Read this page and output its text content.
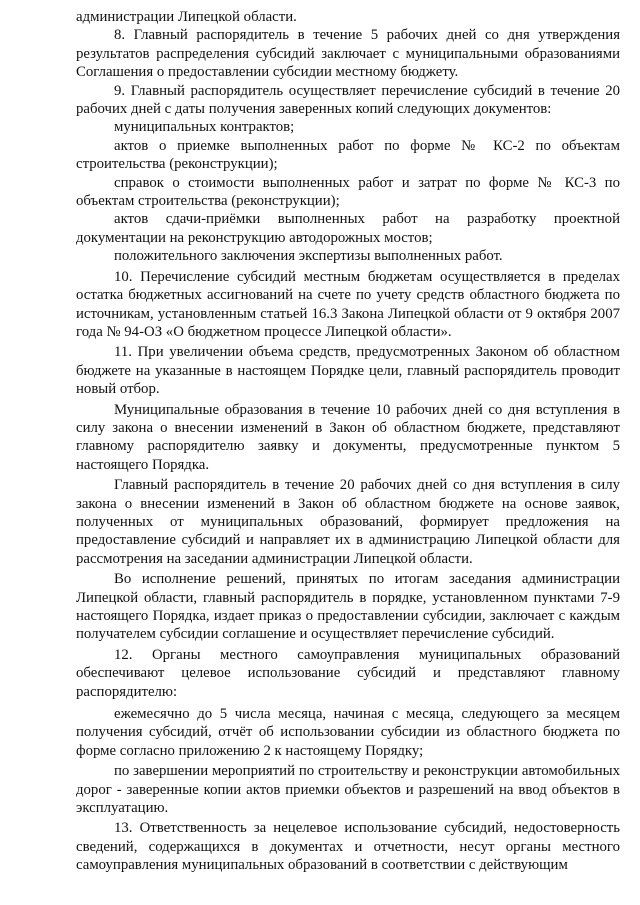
администрации Липецкой области.

8. Главный распорядитель в течение 5 рабочих дней со дня утверждения результатов распределения субсидий заключает с муниципальными образованиями Соглашения о предоставлении субсидии местному бюджету.

9. Главный распорядитель осуществляет перечисление субсидий в течение 20 рабочих дней с даты получения заверенных копий следующих документов:

муниципальных контрактов;

актов о приемке выполненных работ по форме № КС-2 по объектам строительства (реконструкции);

справок о стоимости выполненных работ и затрат по форме № КС-3 по объектам строительства (реконструкции);

актов сдачи-приёмки выполненных работ на разработку проектной документации на реконструкцию автодорожных мостов;

положительного заключения экспертизы выполненных работ.

10. Перечисление субсидий местным бюджетам осуществляется в пределах остатка бюджетных ассигнований на счете по учету средств областного бюджета по источникам, установленным статьей 16.3 Закона Липецкой области от 9 октября 2007 года № 94-ОЗ «О бюджетном процессе Липецкой области».

11. При увеличении объема средств, предусмотренных Законом об областном бюджете на указанные в настоящем Порядке цели, главный распорядитель проводит новый отбор.

Муниципальные образования в течение 10 рабочих дней со дня вступления в силу закона о внесении изменений в Закон об областном бюджете, представляют главному распорядителю заявку и документы, предусмотренные пунктом 5 настоящего Порядка.

Главный распорядитель в течение 20 рабочих дней со дня вступления в силу закона о внесении изменений в Закон об областном бюджете на основе заявок, полученных от муниципальных образований, формирует предложения на предоставление субсидий и направляет их в администрацию Липецкой области для рассмотрения на заседании администрации Липецкой области.

Во исполнение решений, принятых по итогам заседания администрации Липецкой области, главный распорядитель в порядке, установленном пунктами 7-9 настоящего Порядка, издает приказ о предоставлении субсидии, заключает с каждым получателем субсидии соглашение и осуществляет перечисление субсидий.

12. Органы местного самоуправления муниципальных образований обеспечивают целевое использование субсидий и представляют главному распорядителю:

ежемесячно до 5 числа месяца, начиная с месяца, следующего за месяцем получения субсидий, отчёт об использовании субсидии из областного бюджета по форме согласно приложению 2 к настоящему Порядку;

по завершении мероприятий по строительству и реконструкции автомобильных дорог - заверенные копии актов приемки объектов и разрешений на ввод объектов в эксплуатацию.

13. Ответственность за нецелевое использование субсидий, недостоверность сведений, содержащихся в документах и отчетности, несут органы местного самоуправления муниципальных образований в соответствии с действующим
